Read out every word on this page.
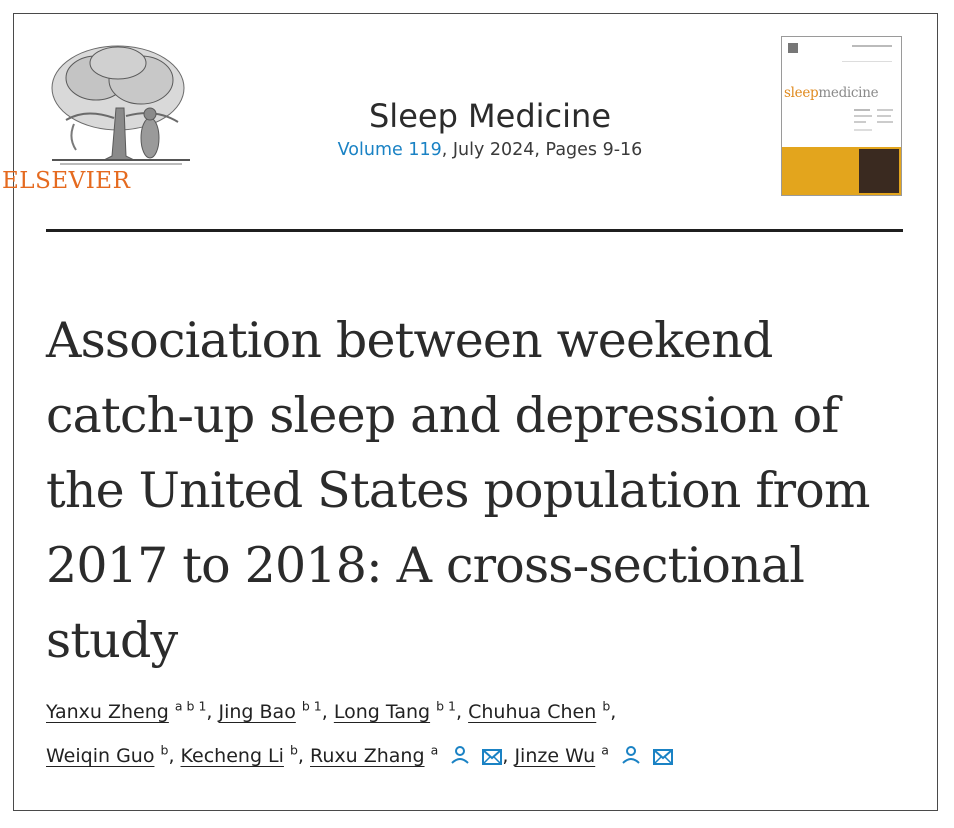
ELSEVIER
Sleep Medicine
Volume 119, July 2024, Pages 9-16
sleepmedicine
Association between weekend catch-up sleep and depression of the United States population from 2017 to 2018: A cross-sectional study
Yanxu Zheng $^{a b 1}$, Jing Bao $^{b 1}$, Long Tang $^{b 1}$, Chuhua Chen $^b$,
Weiqin Guo $^b$, Kecheng Li $^b$, Ruxu Zhang $^a$
	, Jinze Wu $^a$
